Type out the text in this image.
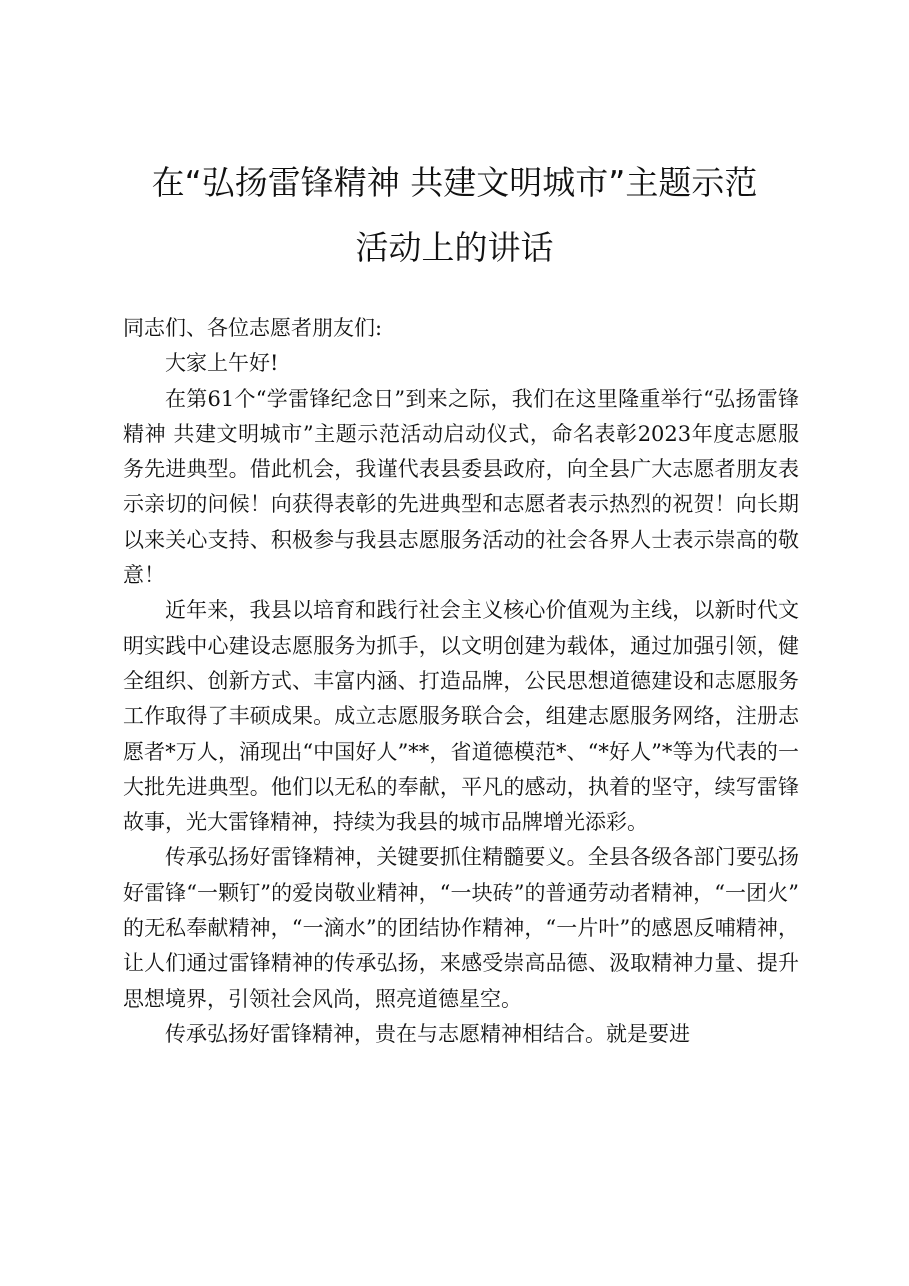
在“弘扬雷锋精神 共建文明城市”主题示范
活动上的讲话

同志们、各位志愿者朋友们:

大家上午好!

在第61个“学雷锋纪念日”到来之际，我们在这里隆重举行“弘扬雷锋精神 共建文明城市”主题示范活动启动仪式，命名表彰2023年度志愿服务先进典型。借此机会，我谨代表县委县政府，向全县广大志愿者朋友表示亲切的问候！向获得表彰的先进典型和志愿者表示热烈的祝贺！向长期以来关心支持、积极参与我县志愿服务活动的社会各界人士表示崇高的敬意！

近年来，我县以培育和践行社会主义核心价值观为主线，以新时代文明实践中心建设志愿服务为抓手，以文明创建为载体，通过加强引领，健全组织、创新方式、丰富内涵、打造品牌，公民思想道德建设和志愿服务工作取得了丰硕成果。成立志愿服务联合会，组建志愿服务网络，注册志愿者*万人，涌现出“中国好人”**，省道德模范*、“*好人”*等为代表的一大批先进典型。他们以无私的奉献，平凡的感动，执着的坚守，续写雷锋故事，光大雷锋精神，持续为我县的城市品牌增光添彩。

传承弘扬好雷锋精神，关键要抓住精髓要义。全县各级各部门要弘扬好雷锋“一颗钉”的爱岗敬业精神，“一块砖”的普通劳动者精神，“一团火”的无私奉献精神，“一滴水”的团结协作精神，“一片叶”的感恩反哺精神，让人们通过雷锋精神的传承弘扬，来感受崇高品德、汲取精神力量、提升思想境界，引领社会风尚，照亮道德星空。

传承弘扬好雷锋精神，贵在与志愿精神相结合。就是要进
